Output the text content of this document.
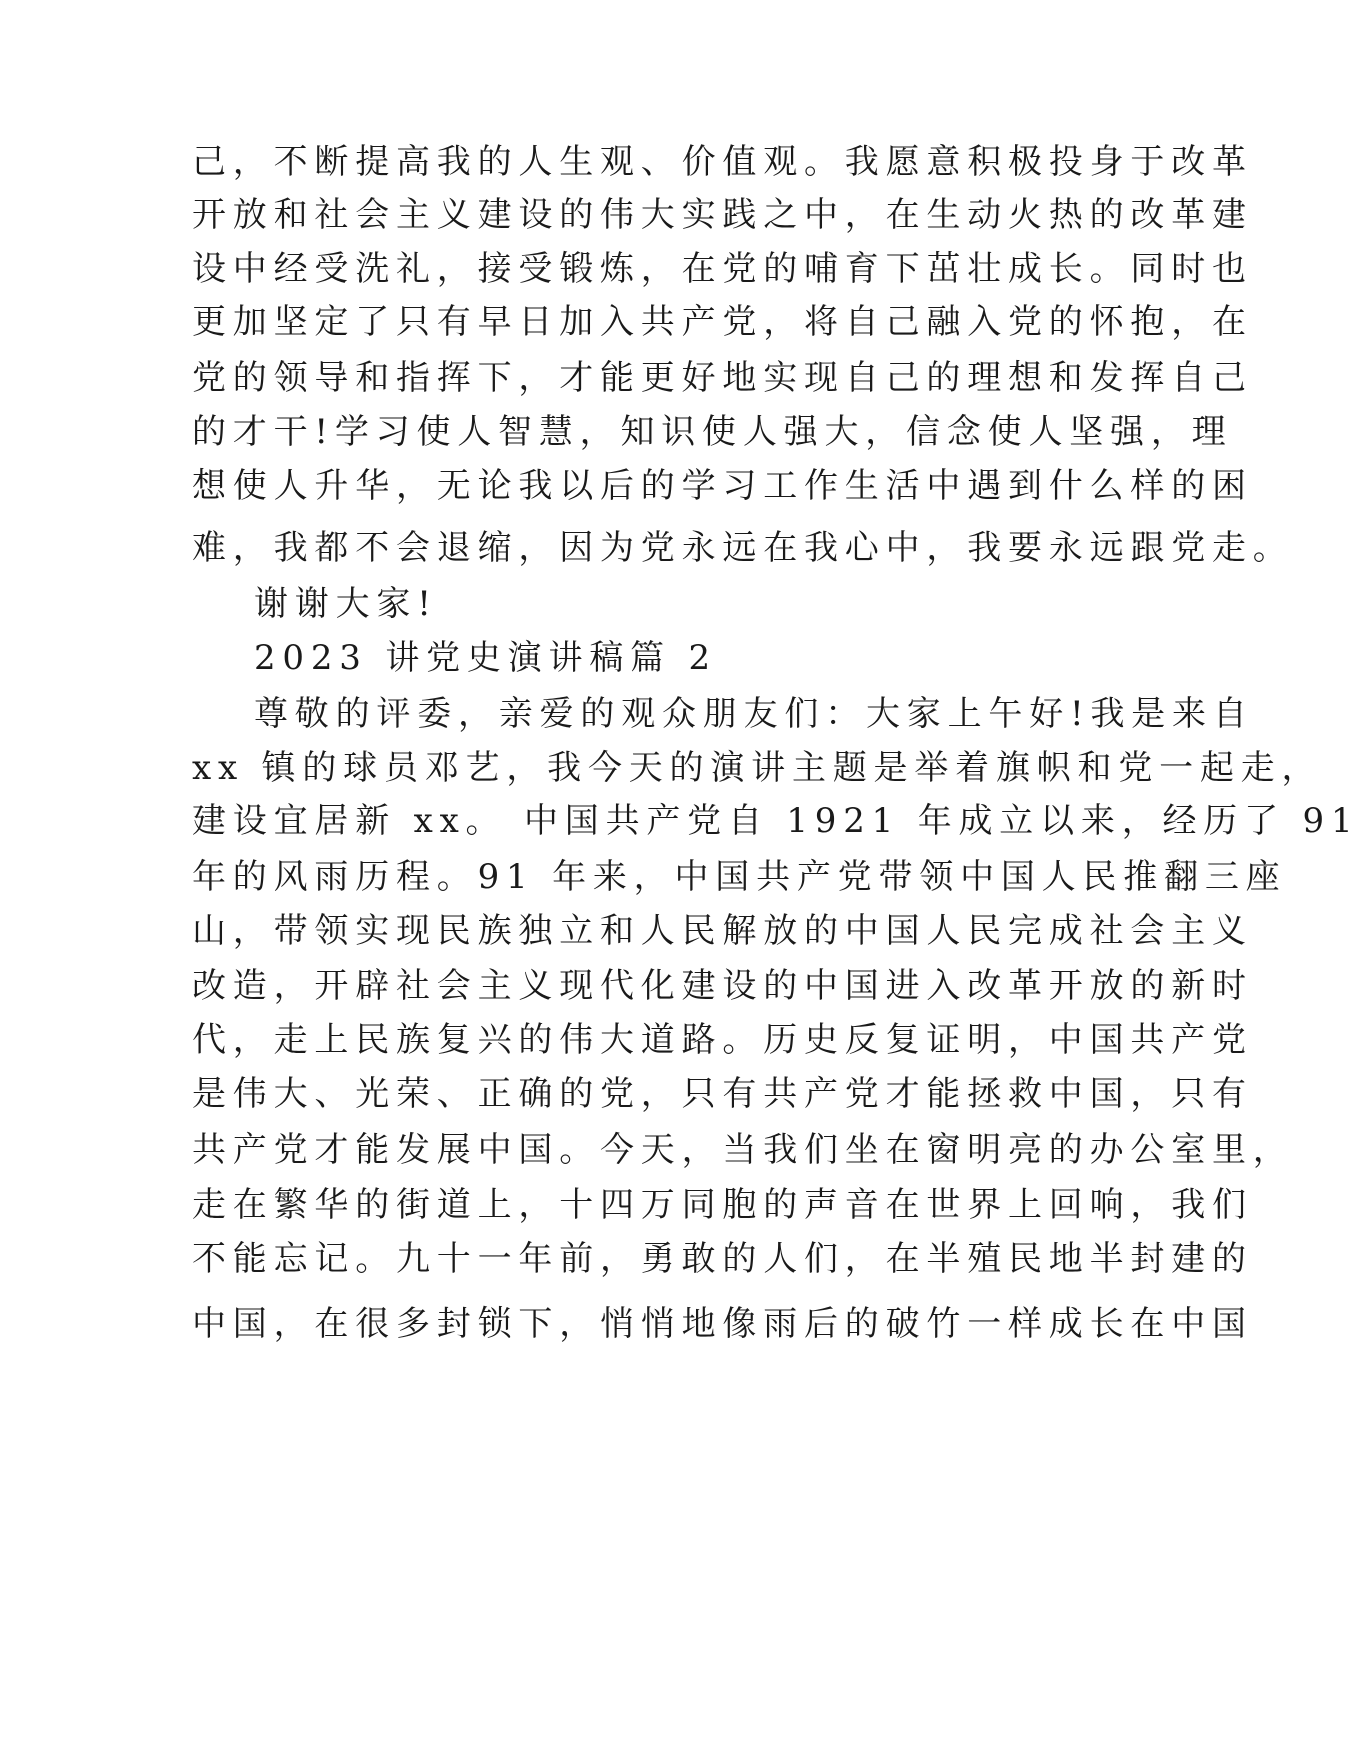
己，不断提高我的人生观、价值观。我愿意积极投身于改革
开放和社会主义建设的伟大实践之中，在生动火热的改革建
设中经受洗礼，接受锻炼，在党的哺育下茁壮成长。同时也
更加坚定了只有早日加入共产党，将自己融入党的怀抱，在
党的领导和指挥下，才能更好地实现自己的理想和发挥自己
的才干!学习使人智慧，知识使人强大，信念使人坚强，理
想使人升华，无论我以后的学习工作生活中遇到什么样的困
难，我都不会退缩，因为党永远在我心中，我要永远跟党走。
谢谢大家!
2023 讲党史演讲稿篇 2
尊敬的评委，亲爱的观众朋友们：大家上午好!我是来自
xx 镇的球员邓艺，我今天的演讲主题是举着旗帜和党一起走，
建设宜居新 xx。 中国共产党自 1921 年成立以来，经历了 91
年的风雨历程。91 年来，中国共产党带领中国人民推翻三座
山，带领实现民族独立和人民解放的中国人民完成社会主义
改造，开辟社会主义现代化建设的中国进入改革开放的新时
代，走上民族复兴的伟大道路。历史反复证明，中国共产党
是伟大、光荣、正确的党，只有共产党才能拯救中国，只有
共产党才能发展中国。今天，当我们坐在窗明亮的办公室里，
走在繁华的街道上，十四万同胞的声音在世界上回响，我们
不能忘记。九十一年前，勇敢的人们，在半殖民地半封建的
中国，在很多封锁下，悄悄地像雨后的破竹一样成长在中国
